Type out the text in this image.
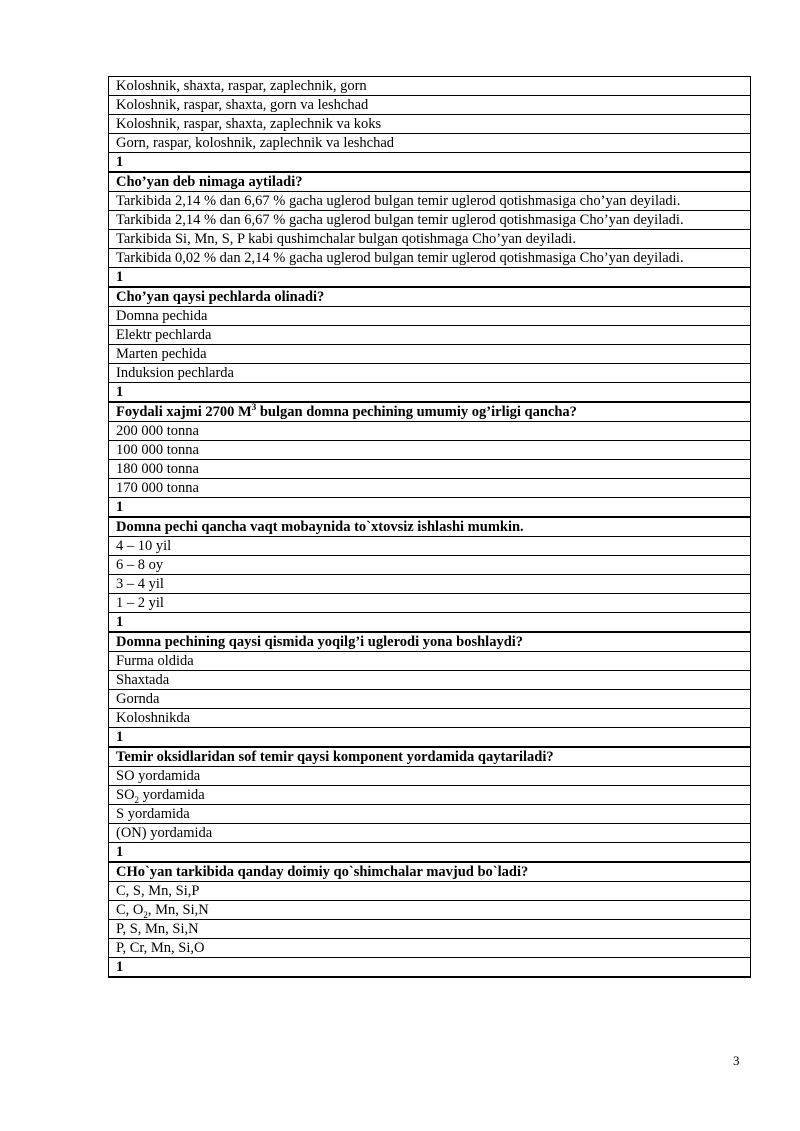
Koloshnik, shaxta, raspar, zaplechnik, gorn
Koloshnik, raspar, shaxta, gorn va leshchad
Koloshnik, raspar, shaxta, zaplechnik va koks
Gorn, raspar, koloshnik, zaplechnik va leshchad
1
Cho’yan deb nimaga aytiladi?
Tarkibida 2,14 % dan 6,67 % gacha uglerod bulgan temir uglerod qotishmasiga cho’yan deyiladi.
Tarkibida 2,14 % dan 6,67 % gacha uglerod bulgan temir uglerod qotishmasiga Cho’yan deyiladi.
Tarkibida Si, Mn, S, P kabi qushimchalar bulgan qotishmaga Cho’yan deyiladi.
Tarkibida 0,02 % dan 2,14 % gacha uglerod bulgan temir uglerod qotishmasiga Cho’yan deyiladi.
1
Cho’yan qaysi pechlarda olinadi?
Domna pechida
Elektr pechlarda
Marten pechida
Induksion pechlarda
1
Foydali xajmi 2700 $M^3$ bulgan domna pechining umumiy og’irligi qancha?
200 000 tonna
100 000 tonna
180 000 tonna
170 000 tonna
1
Domna pechi qancha vaqt mobaynida to`xtovsiz ishlashi mumkin.
4 – 10 yil
6 – 8 oy
3 – 4 yil
1 – 2 yil
1
Domna pechining qaysi qismida yoqilg’i uglerodi yona boshlaydi?
Furma oldida
Shaxtada
Gornda
Koloshnikda
1
Temir oksidlaridan sof temir qaysi komponent yordamida qaytariladi?
SO yordamida
$SO_2$ yordamida
S yordamida
(ON) yordamida
1
CHo`yan tarkibida qanday doimiy qo`shimchalar mavjud bo`ladi?
C, S, Mn, Si,P
C, $O_2$, Mn, Si,N
P, S, Mn, Si,N
P, Cr, Mn, Si,O
1
3
